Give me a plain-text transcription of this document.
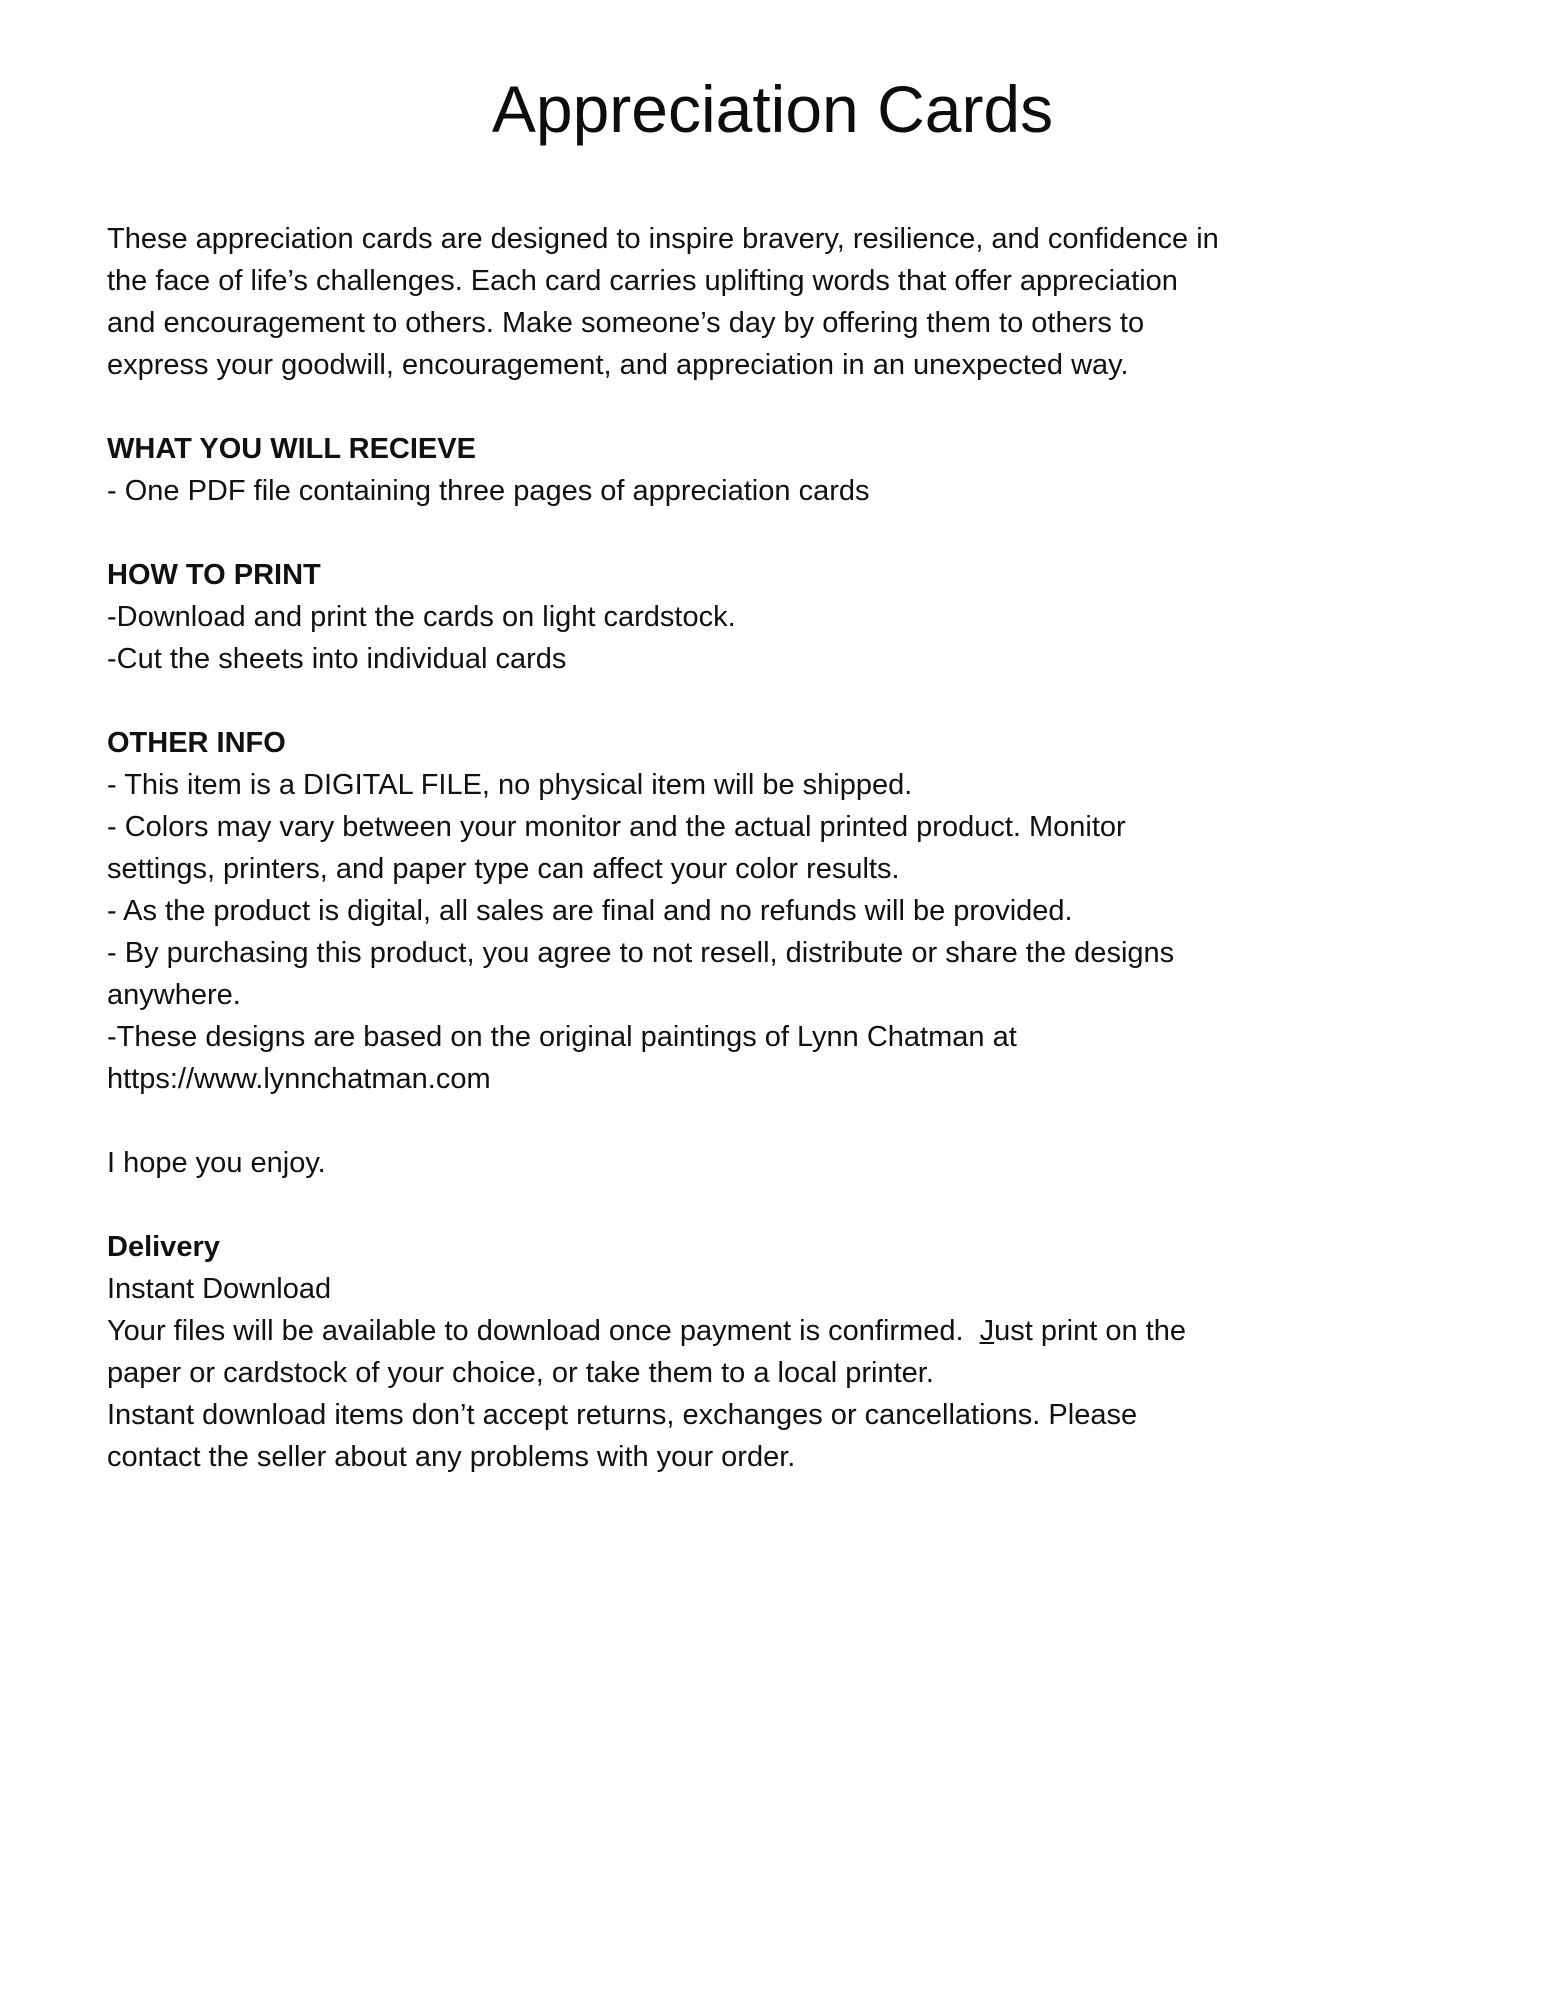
Appreciation Cards

These appreciation cards are designed to inspire bravery, resilience, and confidence in

the face of life’s challenges. Each card carries uplifting words that offer appreciation

and encouragement to others. Make someone’s day by offering them to others to

express your goodwill, encouragement, and appreciation in an unexpected way.

WHAT YOU WILL RECIEVE

- One PDF file containing three pages of appreciation cards

HOW TO PRINT

-Download and print the cards on light cardstock.

-Cut the sheets into individual cards

OTHER INFO

- This item is a DIGITAL FILE, no physical item will be shipped.

- Colors may vary between your monitor and the actual printed product. Monitor

settings, printers, and paper type can affect your color results.

- As the product is digital, all sales are final and no refunds will be provided.

- By purchasing this product, you agree to not resell, distribute or share the designs

anywhere.

-These designs are based on the original paintings of Lynn Chatman at

https://www.lynnchatman.com

I hope you enjoy.

Delivery

Instant Download

Your files will be available to download once payment is confirmed.  Just print on the

paper or cardstock of your choice, or take them to a local printer.

Instant download items don’t accept returns, exchanges or cancellations. Please

contact the seller about any problems with your order.
